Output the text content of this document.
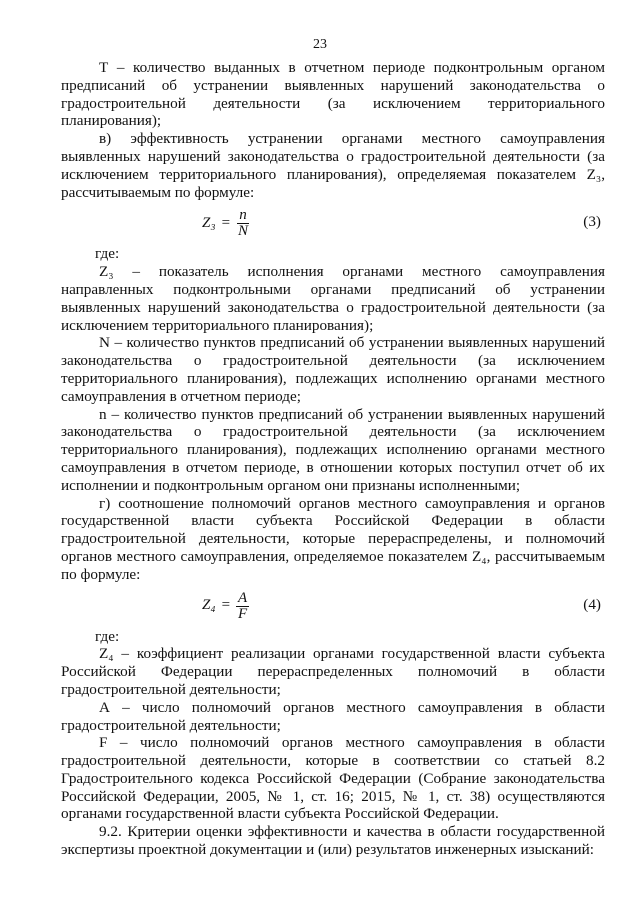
23

Т – количество выданных в отчетном периоде подконтрольным органом предписаний об устранении выявленных нарушений законодательства о градостроительной деятельности (за исключением территориального планирования);

в) эффективность устранении органами местного самоуправления выявленных нарушений законодательства о градостроительной деятельности (за исключением территориального планирования), определяемая показателем Z₃, рассчитываемым по формуле:

$Z_3 = \frac{n}{N}$	(3)

где:

Z₃ – показатель исполнения органами местного самоуправления направленных подконтрольными органами предписаний об устранении выявленных нарушений законодательства о градостроительной деятельности (за исключением территориального планирования);

N – количество пунктов предписаний об устранении выявленных нарушений законодательства о градостроительной деятельности (за исключением территориального планирования), подлежащих исполнению органами местного самоуправления в отчетном периоде;

n – количество пунктов предписаний об устранении выявленных нарушений законодательства о градостроительной деятельности (за исключением территориального планирования), подлежащих исполнению органами местного самоуправления в отчетом периоде, в отношении которых поступил отчет об их исполнении и подконтрольным органом они признаны исполненными;

г) соотношение полномочий органов местного самоуправления и органов государственной власти субъекта Российской Федерации в области градостроительной деятельности, которые перераспределены, и полномочий органов местного самоуправления, определяемое показателем Z₄, рассчитываемым по формуле:

$Z_4 = \frac{A}{F}$	(4)

где:

Z₄ – коэффициент реализации органами государственной власти субъекта Российской Федерации перераспределенных полномочий в области градостроительной деятельности;

А – число полномочий органов местного самоуправления в области градостроительной деятельности;

F – число полномочий органов местного самоуправления в области градостроительной деятельности, которые в соответствии со статьей 8.2 Градостроительного кодекса Российской Федерации (Собрание законодательства Российской Федерации, 2005, № 1, ст. 16; 2015, № 1, ст. 38) осуществляются органами государственной власти субъекта Российской Федерации.

9.2. Критерии оценки эффективности и качества в области государственной экспертизы проектной документации и (или) результатов инженерных изысканий:
